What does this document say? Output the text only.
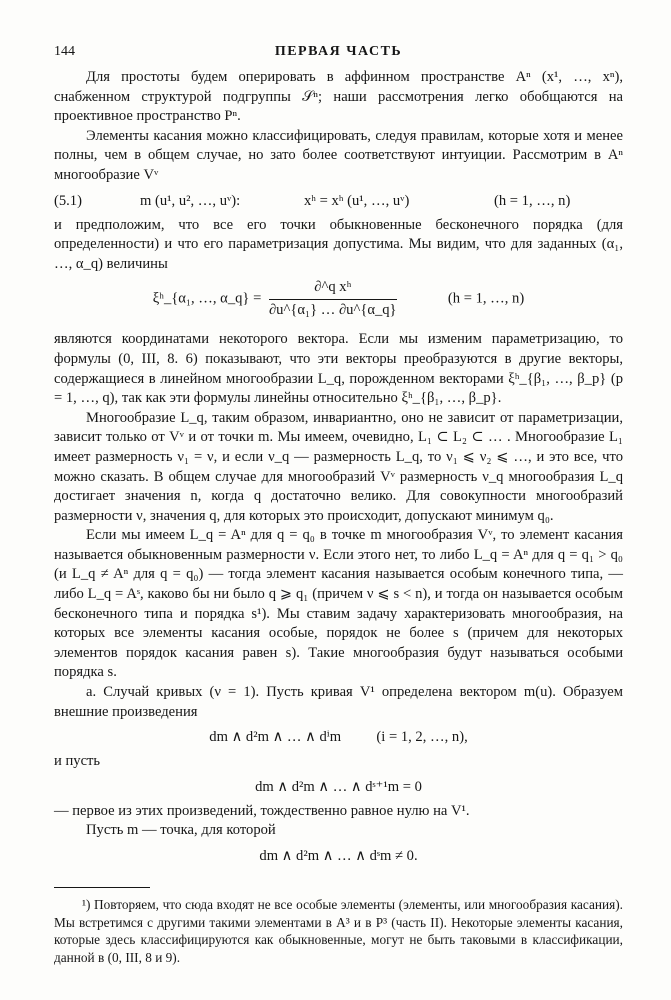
144	ПЕРВАЯ ЧАСТЬ

Для простоты будем оперировать в аффинном пространстве Aⁿ (x¹, …, xⁿ), снабженном структурой подгруппы 𝒮ⁿ; наши рассмотрения легко обобщаются на проективное пространство Pⁿ.

Элементы касания можно классифицировать, следуя правилам, которые хотя и менее полны, чем в общем случае, но зато более соответствуют интуиции. Рассмотрим в Aⁿ многообразие Vᵛ

(5.1)	m (u¹, u², …, uᵛ):	xʰ = xʰ (u¹, …, uᵛ)	(h = 1, …, n)

и предположим, что все его точки обыкновенные бесконечного порядка (для определенности) и что его параметризация допустима. Мы видим, что для заданных (α₁, …, α_q) величины

ξʰ_{α₁, …, α_q} = $\frac{\text{∂\textasciicircum{}q xʰ}}{\text{∂u\textasciicircum{}\{α₁\} … ∂u\textasciicircum{}\{α\_q\}}}$	(h = 1, …, n)

являются координатами некоторого вектора. Если мы изменим параметризацию, то формулы (0, III, 8. 6) показывают, что эти векторы преобразуются в другие векторы, содержащиеся в линейном многообразии L_q, порожденном векторами ξʰ_{β₁, …, β_p} (p = 1, …, q), так как эти формулы линейны относительно ξʰ_{β₁, …, β_p}.

Многообразие L_q, таким образом, инвариантно, оно не зависит от параметризации, зависит только от Vᵛ и от точки m. Мы имеем, очевидно, L₁ ⊂ L₂ ⊂ … . Многообразие L₁ имеет размерность ν₁ = ν, и если ν_q — размерность L_q, то ν₁ ⩽ ν₂ ⩽ …, и это все, что можно сказать. В общем случае для многообразий Vᵛ размерность ν_q многообразия L_q достигает значения n, когда q достаточно велико. Для совокупности многообразий размерности ν, значения q, для которых это происходит, допускают минимум q₀.

Если мы имеем L_q = Aⁿ для q = q₀ в точке m многообразия Vᵛ, то элемент касания называется обыкновенным размерности ν. Если этого нет, то либо L_q = Aⁿ для q = q₁ > q₀ (и L_q ≠ Aⁿ для q = q₀) — тогда элемент касания называется особым конечного типа, — либо L_q = Aˢ, каково бы ни было q ⩾ q₁ (причем ν ⩽ s < n), и тогда он называется особым бесконечного типа и порядка s¹). Мы ставим задачу характеризовать многообразия, на которых все элементы касания особые, порядок не более s (причем для некоторых элементов порядок касания равен s). Такие многообразия будут называться особыми порядка s.

a. Случай кривых (ν = 1). Пусть кривая V¹ определена вектором m(u). Образуем внешние произведения

dm ∧ d²m ∧ … ∧ dⁱm (i = 1, 2, …, n),

и пусть

dm ∧ d²m ∧ … ∧ dˢ⁺¹m = 0

— первое из этих произведений, тождественно равное нулю на V¹.

Пусть m — точка, для которой

dm ∧ d²m ∧ … ∧ dˢm ≠ 0.

¹) Повторяем, что сюда входят не все особые элементы (элементы, или многообразия касания). Мы встретимся с другими такими элементами в A³ и в P³ (часть II). Некоторые элементы касания, которые здесь классифицируются как обыкновенные, могут не быть таковыми в классификации, данной в (0, III, 8 и 9).
